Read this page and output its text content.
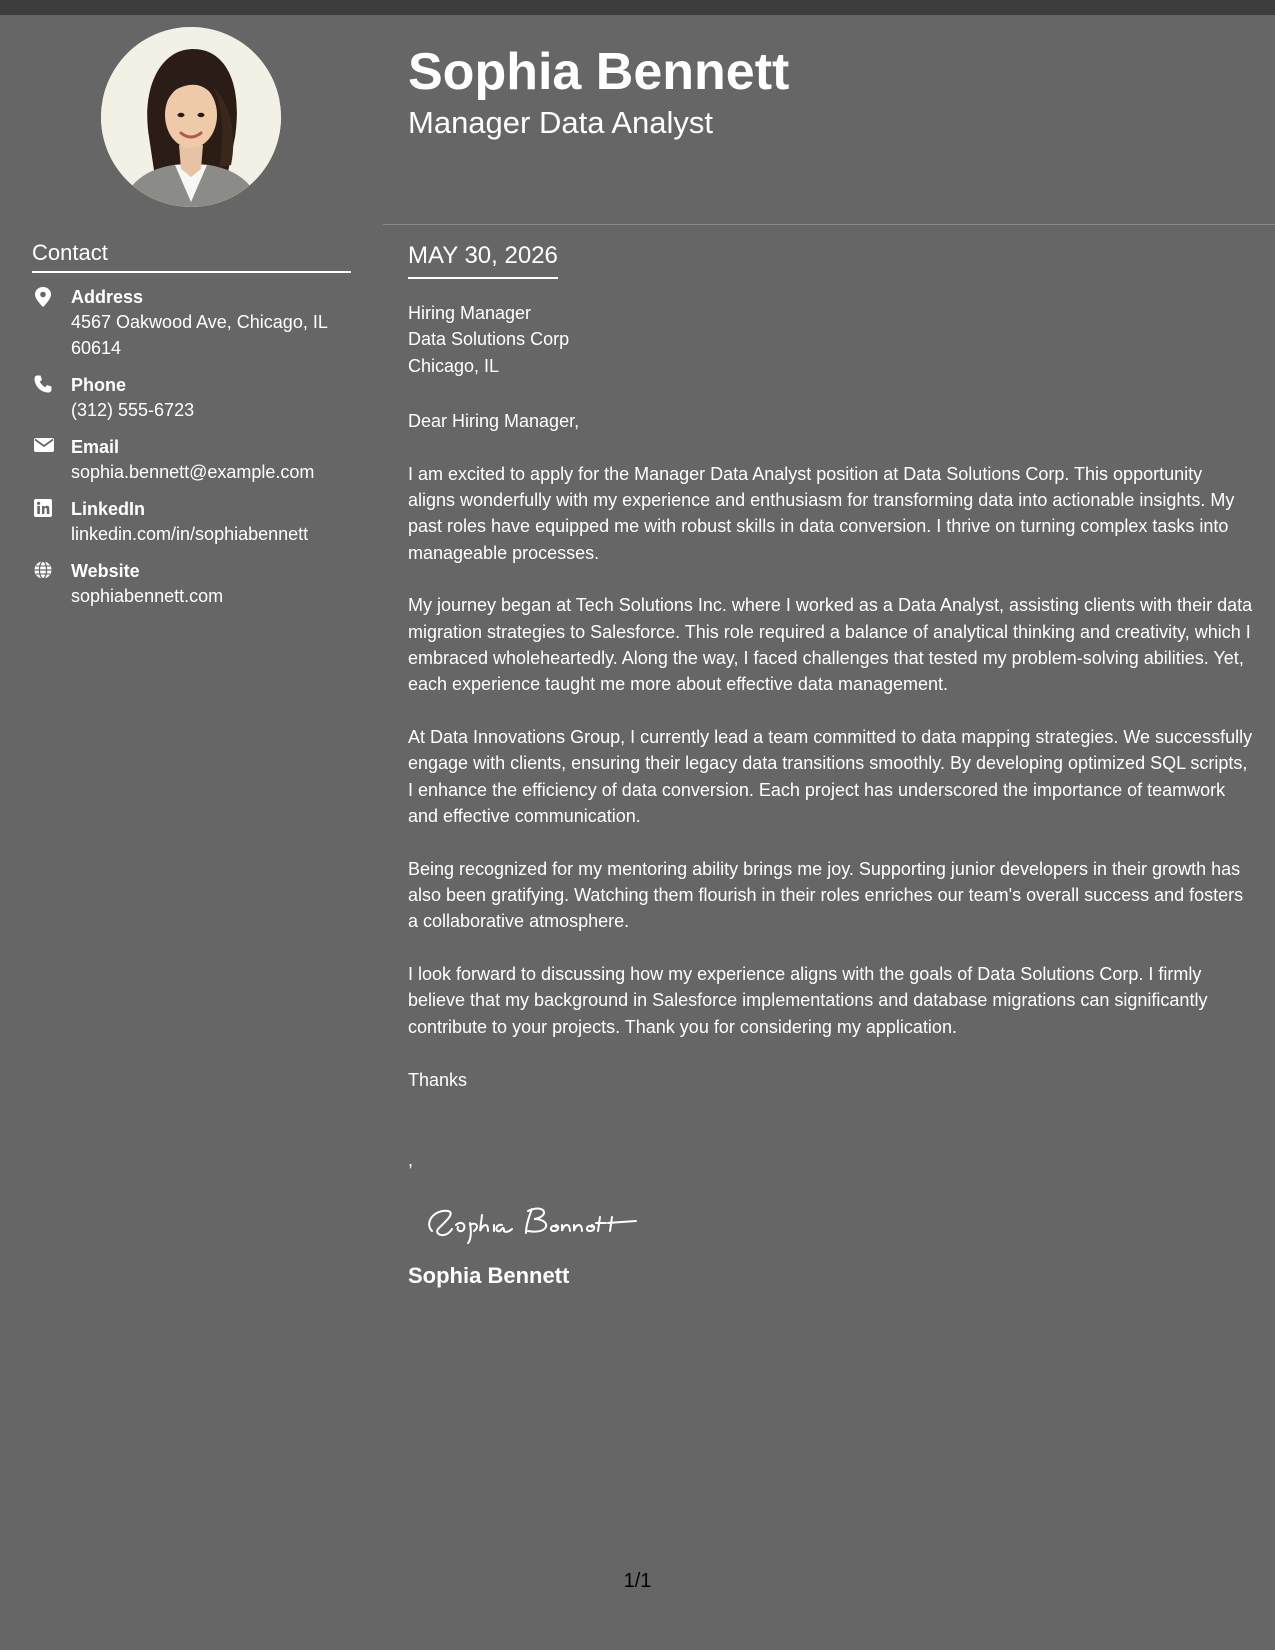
Contact
Address
4567 Oakwood Ave, Chicago, IL 60614
Phone
(312) 555-6723
Email
sophia.bennett@example.com
LinkedIn
linkedin.com/in/sophiabennett
Website
sophiabennett.com
Sophia Bennett
Manager Data Analyst
MAY 30, 2026
Hiring Manager
Data Solutions Corp
Chicago, IL
Dear Hiring Manager,
I am excited to apply for the Manager Data Analyst position at Data Solutions Corp. This opportunity aligns wonderfully with my experience and enthusiasm for transforming data into actionable insights. My past roles have equipped me with robust skills in data conversion. I thrive on turning complex tasks into manageable processes.
My journey began at Tech Solutions Inc. where I worked as a Data Analyst, assisting clients with their data migration strategies to Salesforce. This role required a balance of analytical thinking and creativity, which I embraced wholeheartedly. Along the way, I faced challenges that tested my problem-solving abilities. Yet, each experience taught me more about effective data management.
At Data Innovations Group, I currently lead a team committed to data mapping strategies. We successfully engage with clients, ensuring their legacy data transitions smoothly. By developing optimized SQL scripts, I enhance the efficiency of data conversion. Each project has underscored the importance of teamwork and effective communication.
Being recognized for my mentoring ability brings me joy. Supporting junior developers in their growth has also been gratifying. Watching them flourish in their roles enriches our team's overall success and fosters a collaborative atmosphere.
I look forward to discussing how my experience aligns with the goals of Data Solutions Corp. I firmly believe that my background in Salesforce implementations and database migrations can significantly contribute to your projects. Thank you for considering my application.
Thanks
,
Sophia Bennett
1/1
